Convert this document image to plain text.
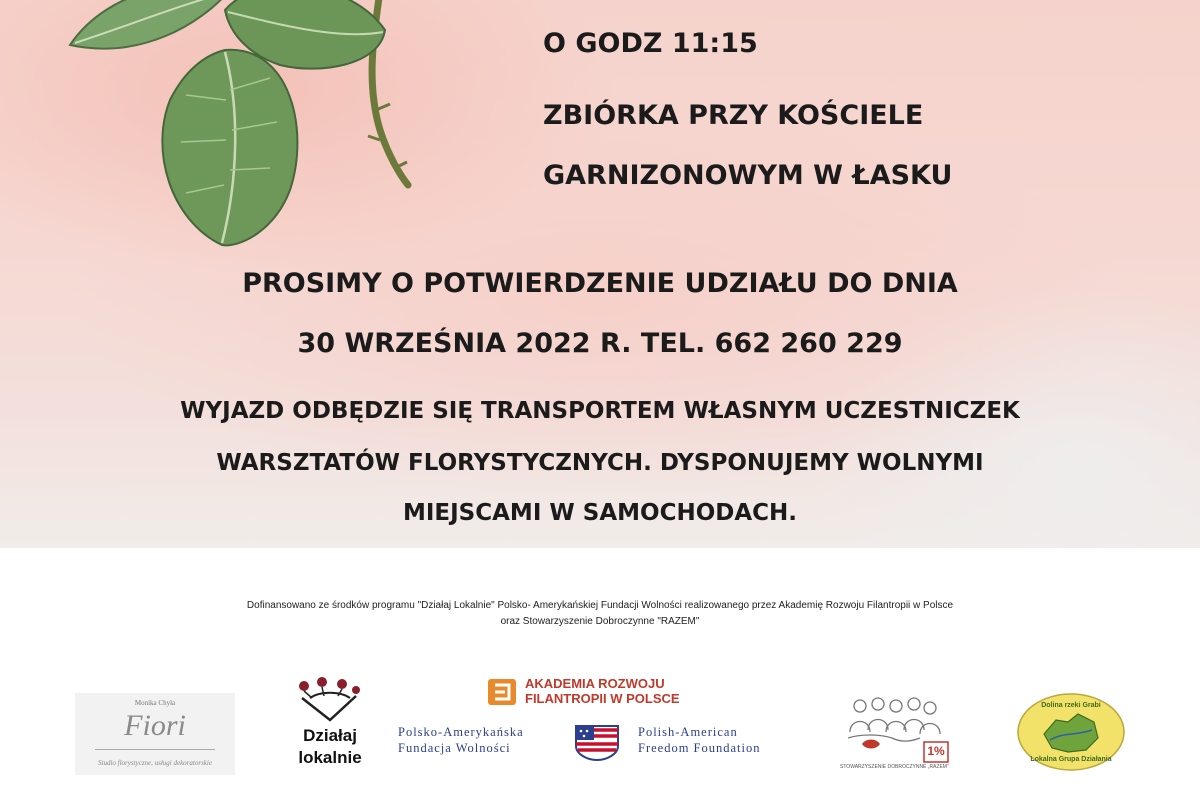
O GODZ 11:15
ZBIÓRKA PRZY KOŚCIELE
GARNIZONOWYM W ŁASKU
PROSIMY O POTWIERDZENIE UDZIAŁU DO DNIA
30 WRZEŚNIA 2022 R. TEL. 662 260 229
WYJAZD ODBĘDZIE SIĘ TRANSPORTEM WŁASNYM UCZESTNICZEK
WARSZTATÓW FLORYSTYCZNYCH. DYSPONUJEMY WOLNYMI
MIEJSCAMI W SAMOCHODACH.
Dofinansowano ze środków programu "Działaj Lokalnie" Polsko- Amerykańskiej Fundacji Wolności realizowanego przez Akademię Rozwoju Filantropii w Polsce
oraz Stowarzyszenie Dobroczynne "RAZEM"
Monika Chyła
Fiori
Studio florystyczne, usługi dekoratorskie
Działaj
lokalnie
AKADEMIA ROZWOJU
FILANTROPII W POLSCE
Polsko-Amerykańska
Fundacja Wolności
Polish-American
Freedom Foundation	1%
STOWARZYSZENIE DOBROCZYNNE „RAZEM”
Dolina rzeki Grabi
Lokalna Grupa Działania
